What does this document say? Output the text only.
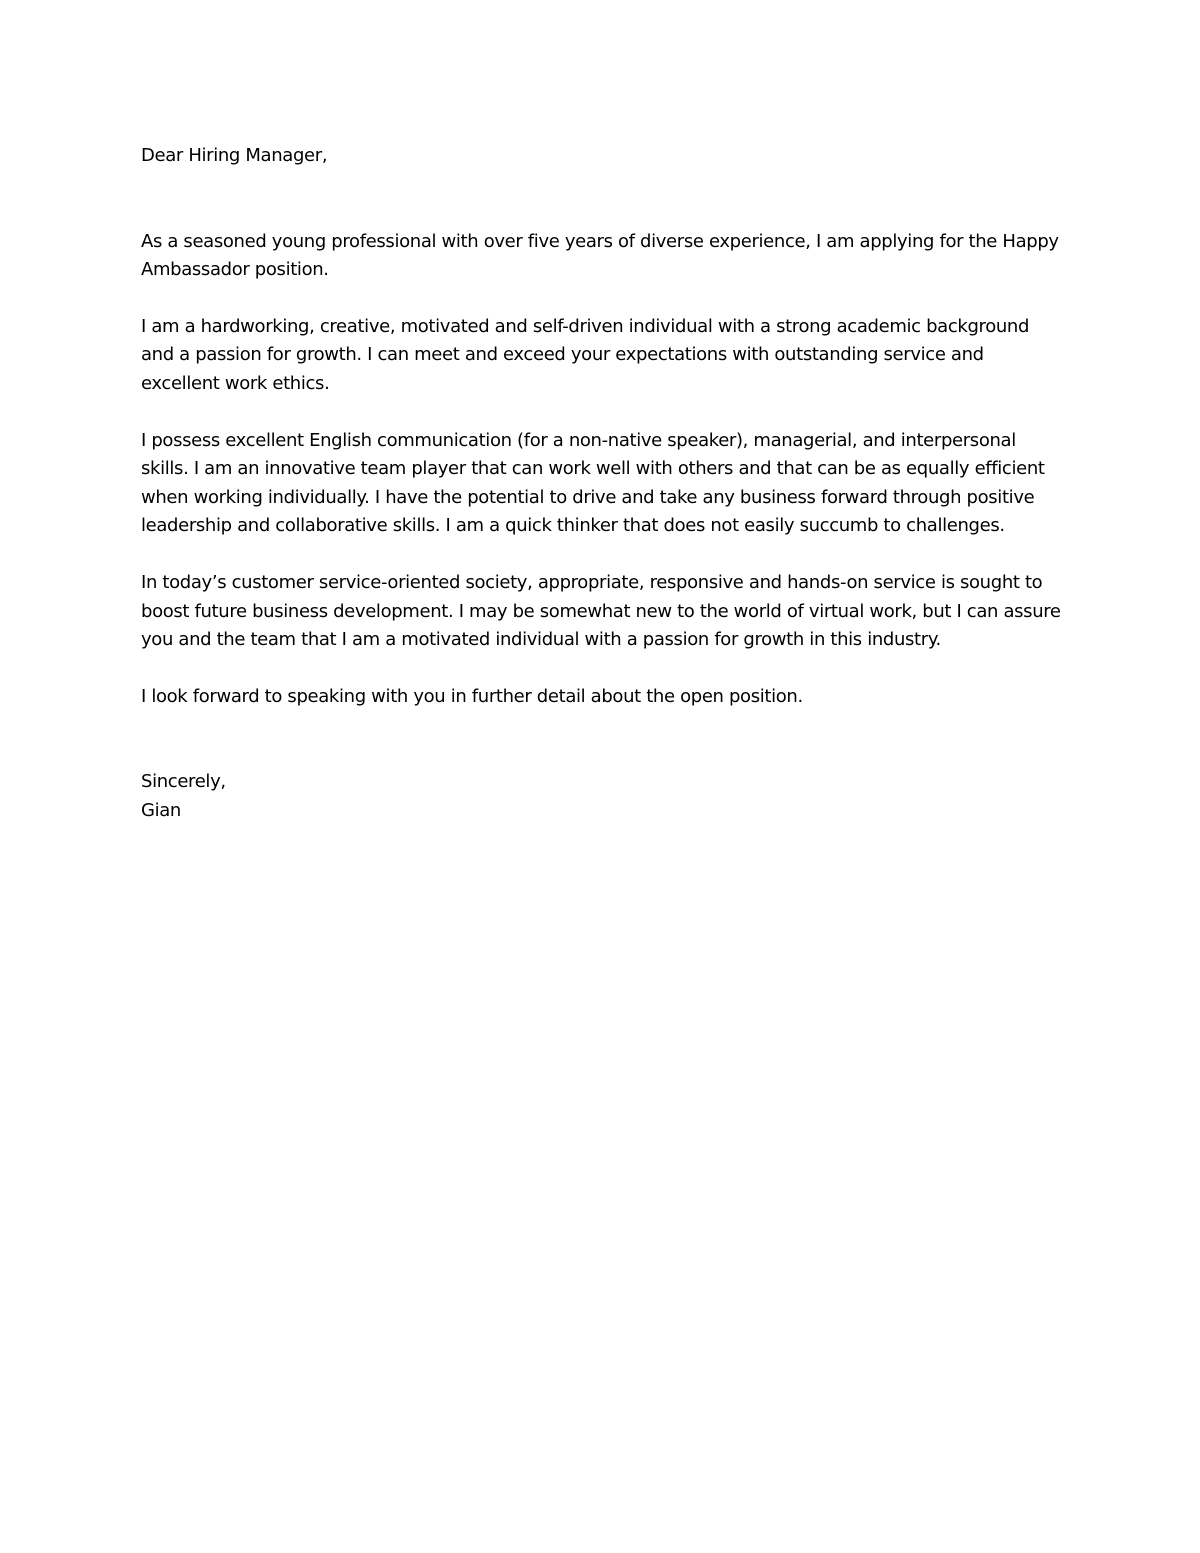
Dear Hiring Manager,

As a seasoned young professional with over five years of diverse experience, I am applying for the Happy Ambassador position.

I am a hardworking, creative, motivated and self-driven individual with a strong academic background and a passion for growth. I can meet and exceed your expectations with outstanding service and excellent work ethics.

I possess excellent English communication (for a non-native speaker), managerial, and interpersonal skills. I am an innovative team player that can work well with others and that can be as equally efficient when working individually. I have the potential to drive and take any business forward through positive leadership and collaborative skills. I am a quick thinker that does not easily succumb to challenges.

In today’s customer service-oriented society, appropriate, responsive and hands-on service is sought to boost future business development. I may be somewhat new to the world of virtual work, but I can assure you and the team that I am a motivated individual with a passion for growth in this industry.

I look forward to speaking with you in further detail about the open position.

Sincerely,

Gian
